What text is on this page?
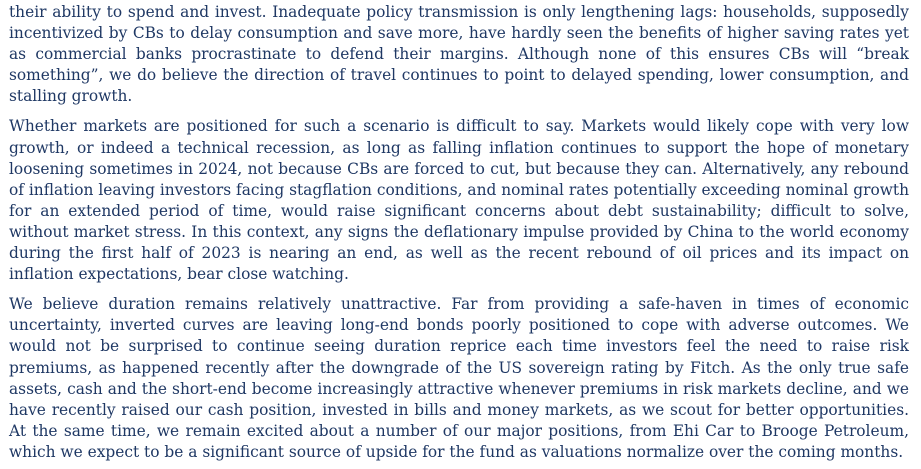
their ability to spend and invest. Inadequate policy transmission is only lengthening lags: households, supposedly incentivized by CBs to delay consumption and save more, have hardly seen the benefits of higher saving rates yet as commercial banks procrastinate to defend their margins. Although none of this ensures CBs will “break something”, we do believe the direction of travel continues to point to delayed spending, lower consumption, and stalling growth.

Whether markets are positioned for such a scenario is difficult to say. Markets would likely cope with very low growth, or indeed a technical recession, as long as falling inflation continues to support the hope of monetary loosening sometimes in 2024, not because CBs are forced to cut, but because they can. Alternatively, any rebound of inflation leaving investors facing stagflation conditions, and nominal rates potentially exceeding nominal growth for an extended period of time, would raise significant concerns about debt sustainability; difficult to solve, without market stress. In this context, any signs the deflationary impulse provided by China to the world economy during the first half of 2023 is nearing an end, as well as the recent rebound of oil prices and its impact on inflation expectations, bear close watching.

We believe duration remains relatively unattractive. Far from providing a safe-haven in times of economic uncertainty, inverted curves are leaving long-end bonds poorly positioned to cope with adverse outcomes. We would not be surprised to continue seeing duration reprice each time investors feel the need to raise risk premiums, as happened recently after the downgrade of the US sovereign rating by Fitch. As the only true safe assets, cash and the short-end become increasingly attractive whenever premiums in risk markets decline, and we have recently raised our cash position, invested in bills and money markets, as we scout for better opportunities. At the same time, we remain excited about a number of our major positions, from Ehi Car to Brooge Petroleum, which we expect to be a significant source of upside for the fund as valuations normalize over the coming months.
